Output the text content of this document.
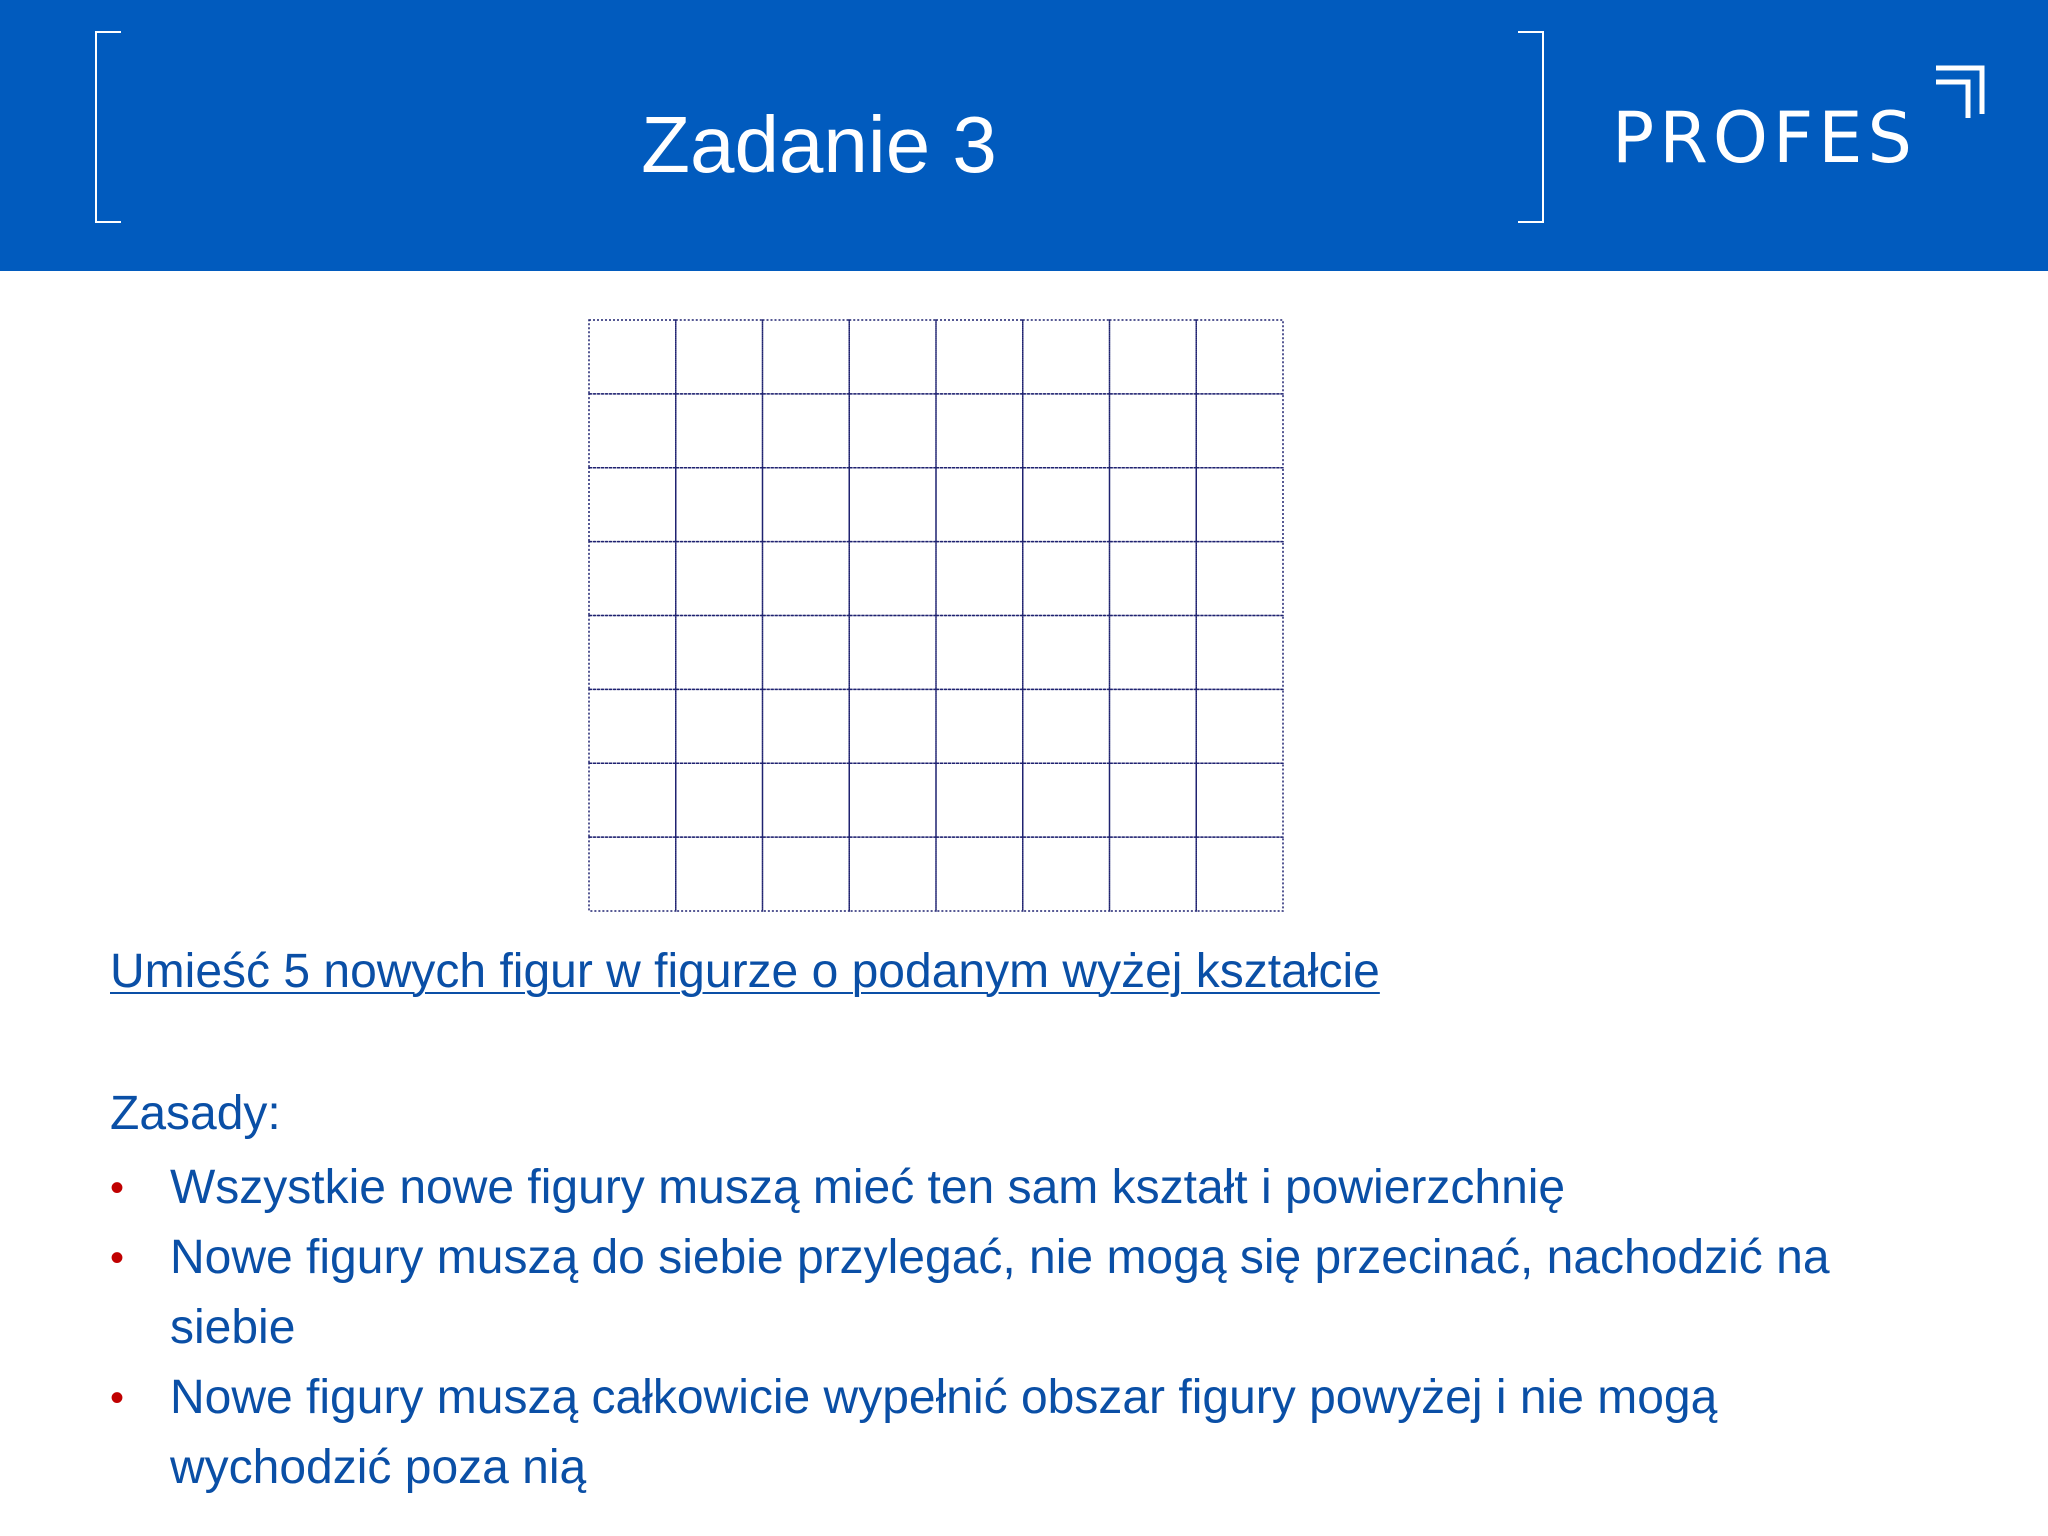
Zadanie 3	PROFES
Umieść 5 nowych figur w figurze o podanym wyżej kształcie
Zasady:
• Wszystkie nowe figury muszą mieć ten sam kształt i powierzchnię
• Nowe figury muszą do siebie przylegać, nie mogą się przecinać, nachodzić na siebie
• Nowe figury muszą całkowicie wypełnić obszar figury powyżej i nie mogą wychodzić poza nią
